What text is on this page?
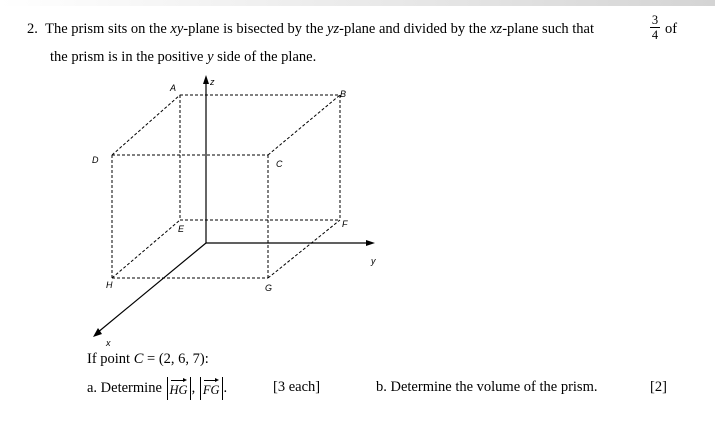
2. The prism sits on the xy-plane is bisected by the yz-plane and divided by the xz-plane such that
3
4 of
the prism is in the positive y side of the plane.
A
B
C
D
E	F
G
H
z
y
x
If point C = (2, 6, 7):
a. Determine HG , FG .	[3 each]	b. Determine the volume of the prism.	[2]
